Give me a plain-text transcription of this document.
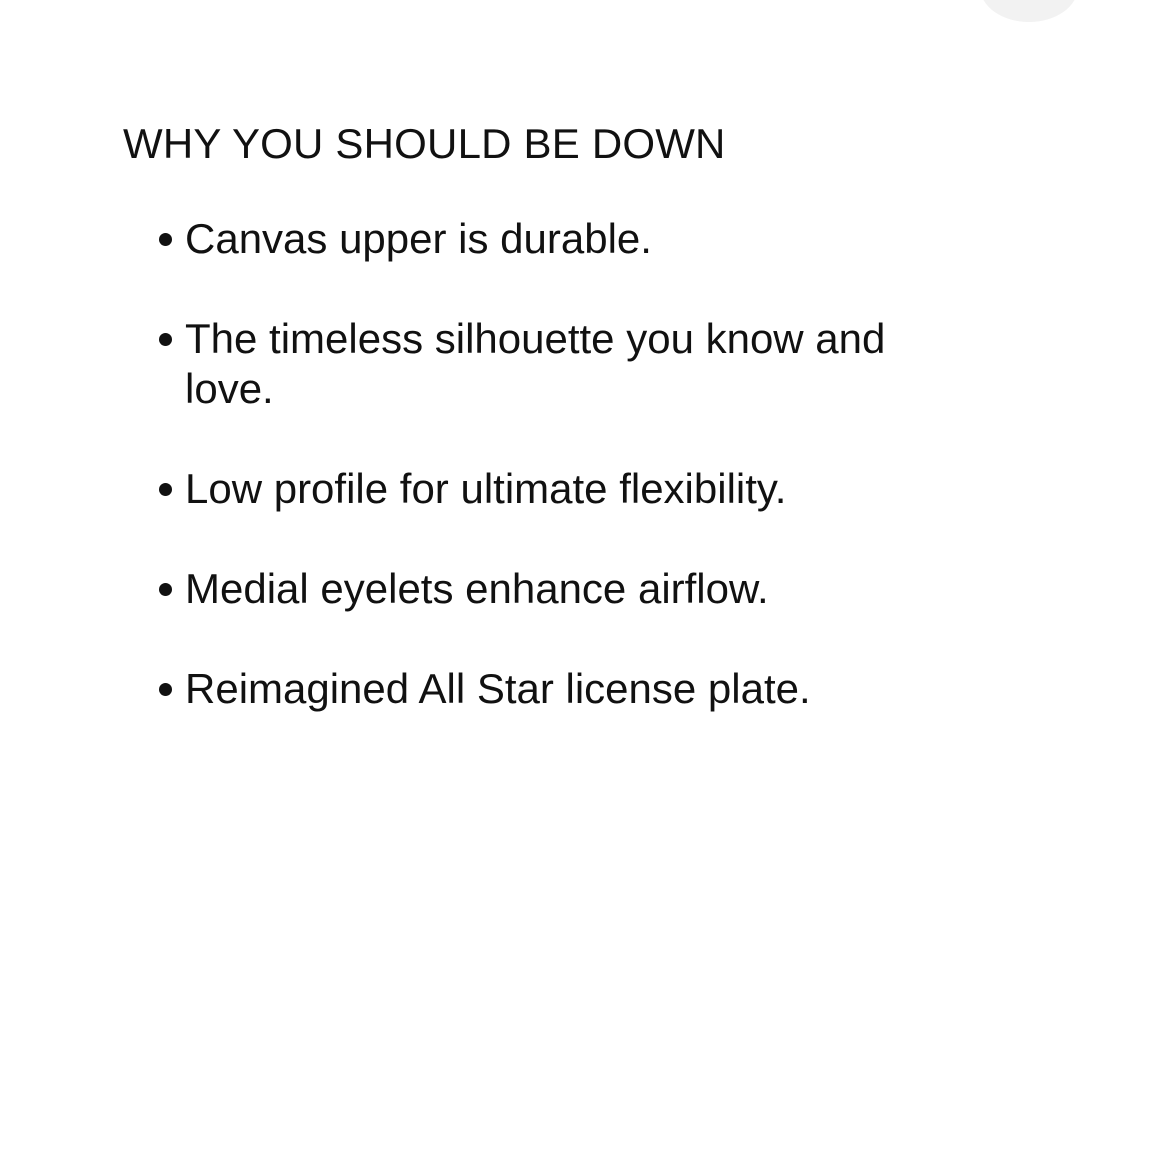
WHY YOU SHOULD BE DOWN
Canvas upper is durable.
The timeless silhouette you know and love.
Low profile for ultimate flexibility.
Medial eyelets enhance airflow.
Reimagined All Star license plate.
